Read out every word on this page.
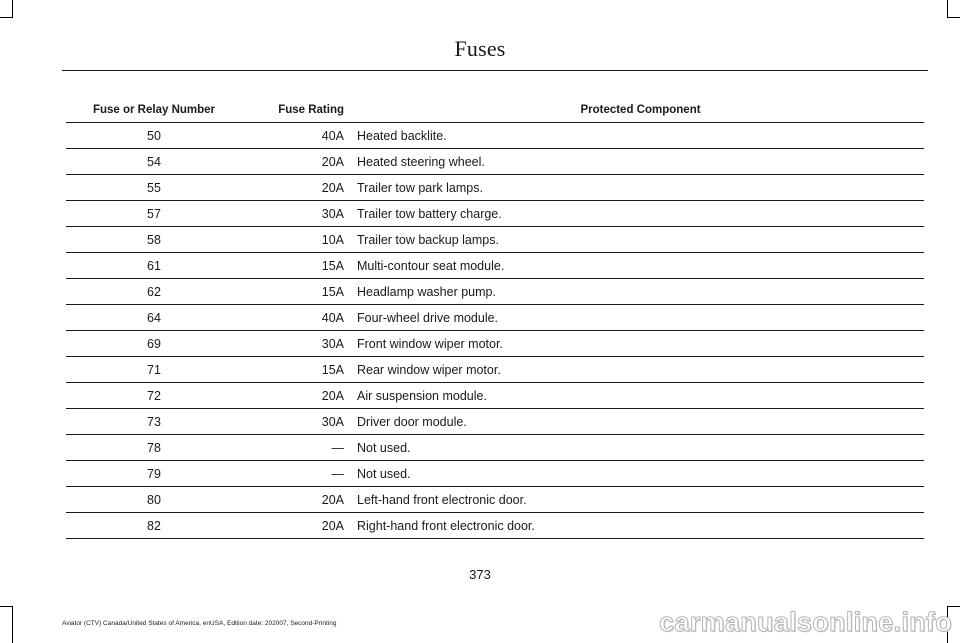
Fuses
Fuse or Relay Number	Fuse Rating	Protected Component
50	40A	Heated backlite.
54	20A	Heated steering wheel.
55	20A	Trailer tow park lamps.
57	30A	Trailer tow battery charge.
58	10A	Trailer tow backup lamps.
61	15A	Multi-contour seat module.
62	15A	Headlamp washer pump.
64	40A	Four-wheel drive module.
69	30A	Front window wiper motor.
71	15A	Rear window wiper motor.
72	20A	Air suspension module.
73	30A	Driver door module.
78	—	Not used.
79	—	Not used.
80	20A	Left-hand front electronic door.
82	20A	Right-hand front electronic door.
373
Aviator (CTV) Canada/United States of America, enUSA, Edition date: 202007, Second-Printing	carmanualsonline.info
